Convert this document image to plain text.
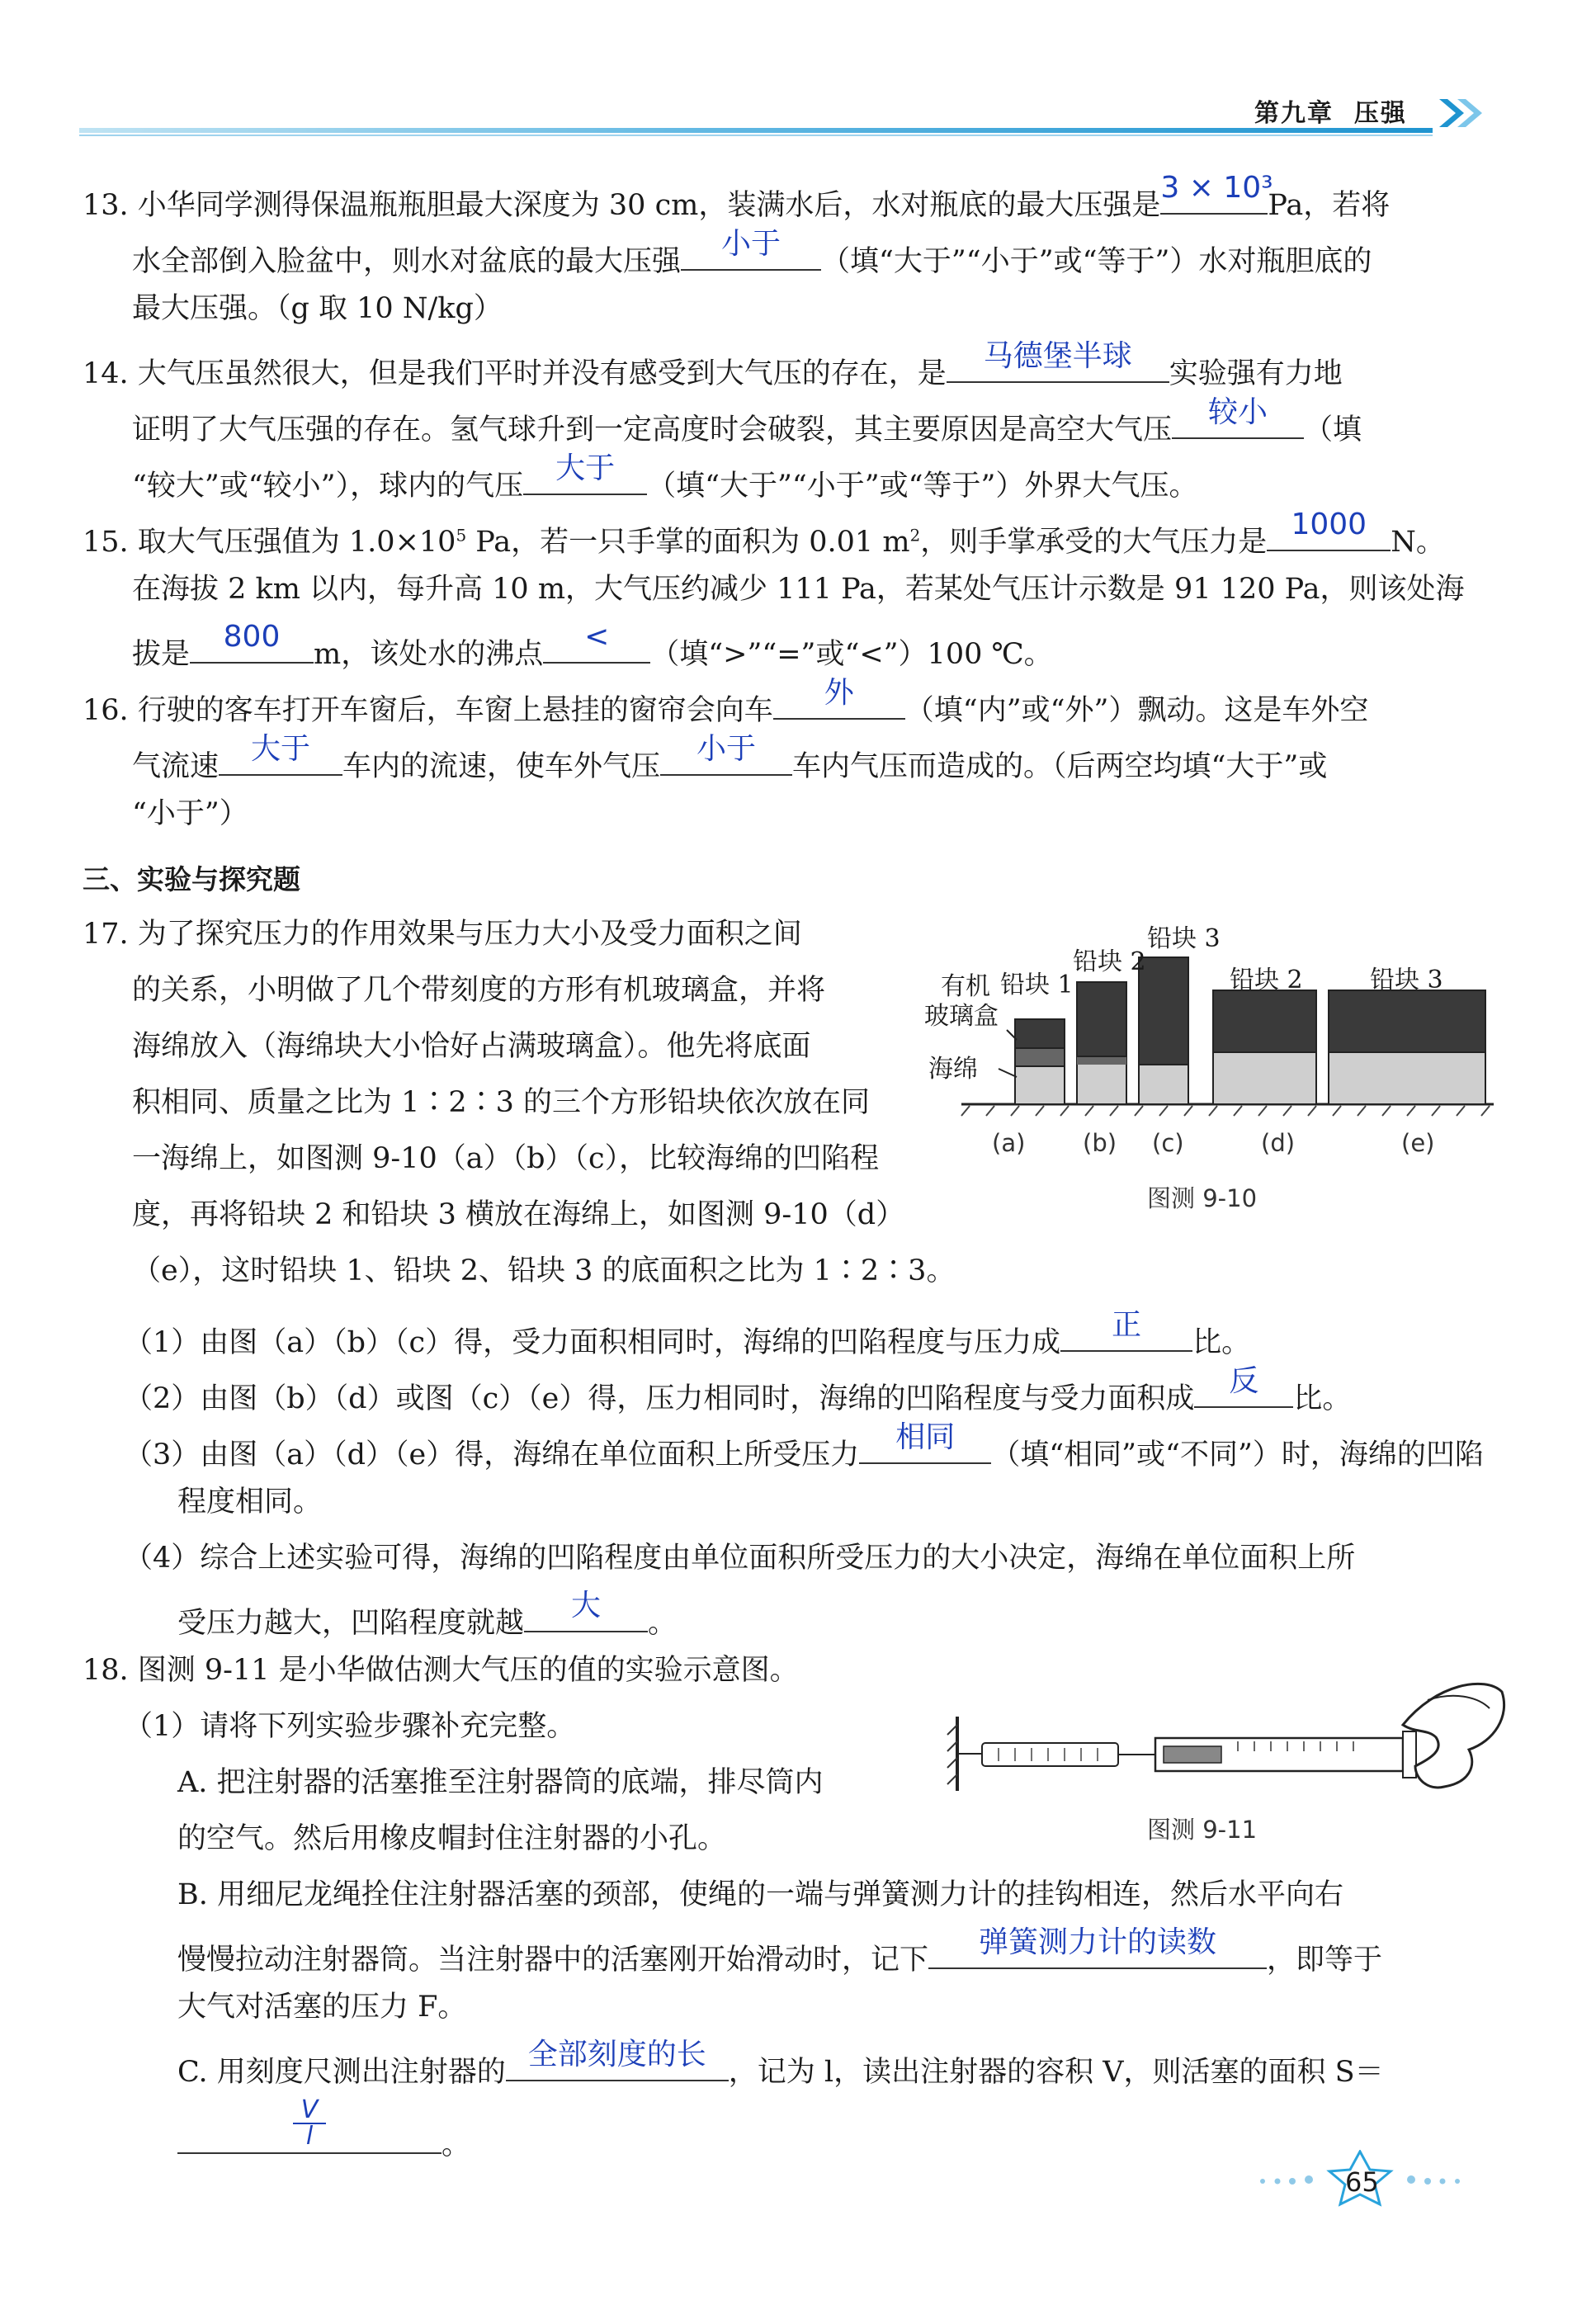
第九章 压强
13. 小华同学测得保温瓶瓶胆最大深度为 30 cm，装满水后，水对瓶底的最大压强是
3 × 10³
Pa，若将
水全部倒入脸盆中，则水对盆底的最大压强
小于
（填“大于”“小于”或“等于”）水对瓶胆底的
最大压强。（g 取 10 N/kg）
14. 大气压虽然很大，但是我们平时并没有感受到大气压的存在，是
马德堡半球
实验强有力地
证明了大气压强的存在。氢气球升到一定高度时会破裂，其主要原因是高空大气压
较小
（填
“较大”或“较小”），球内的气压
大于
（填“大于”“小于”或“等于”）外界大气压。
15. 取大气压强值为 $1.0\times 10^5$ Pa，若一只手掌的面积为 0.01 $m^2$，则手掌承受的大气压力是
1000
N。
在海拔 2 km 以内，每升高 10 m，大气压约减少 111 Pa，若某处气压计示数是 91 120 Pa，则该处海
拔是
800
m，该处水的沸点
<
（填“>”“=”或“<”）100 ℃。
16. 行驶的客车打开车窗后，车窗上悬挂的窗帘会向车
外
（填“内”或“外”）飘动。这是车外空
气流速
大于
车内的流速，使车外气压
小于
车内气压而造成的。（后两空均填“大于”或
“小于”）
三、实验与探究题
17. 为了探究压力的作用效果与压力大小及受力面积之间
的关系，小明做了几个带刻度的方形有机玻璃盒，并将
海绵放入（海绵块大小恰好占满玻璃盒）。他先将底面
积相同、质量之比为 1∶2∶3 的三个方形铅块依次放在同
一海绵上，如图测 9-10（a）（b）（c），比较海绵的凹陷程
度，再将铅块 2 和铅块 3 横放在海绵上，如图测 9-10（d）
（e），这时铅块 1、铅块 2、铅块 3 的底面积之比为 1∶2∶3。
有机
玻璃盒
海绵
铅块 1
铅块 2
铅块 3
铅块 2	铅块 3
(a) (b) (c)	(d)	(e)
图测 9-10
（1）由图（a）（b）（c）得，受力面积相同时，海绵的凹陷程度与压力成
正
比。
（2）由图（b）（d）或图（c）（e）得，压力相同时，海绵的凹陷程度与受力面积成
反
比。
（3）由图（a）（d）（e）得，海绵在单位面积上所受压力
相同
（填“相同”或“不同”）时，海绵的凹陷
程度相同。
（4）综合上述实验可得，海绵的凹陷程度由单位面积所受压力的大小决定，海绵在单位面积上所
受压力越大，凹陷程度就越
大
。
18. 图测 9-11 是小华做估测大气压的值的实验示意图。
（1）请将下列实验步骤补充完整。
A. 把注射器的活塞推至注射器筒的底端，排尽筒内
的空气。然后用橡皮帽封住注射器的小孔。	图测 9-11
B. 用细尼龙绳拴住注射器活塞的颈部，使绳的一端与弹簧测力计的挂钩相连，然后水平向右
慢慢拉动注射器筒。当注射器中的活塞刚开始滑动时，记下
弹簧测力计的读数
，即等于
大气对活塞的压力 F。
C. 用刻度尺测出注射器的
全部刻度的长
，记为 l，读出注射器的容积 V，则活塞的面积 S＝
$\frac{V}{l}$ 。
65
